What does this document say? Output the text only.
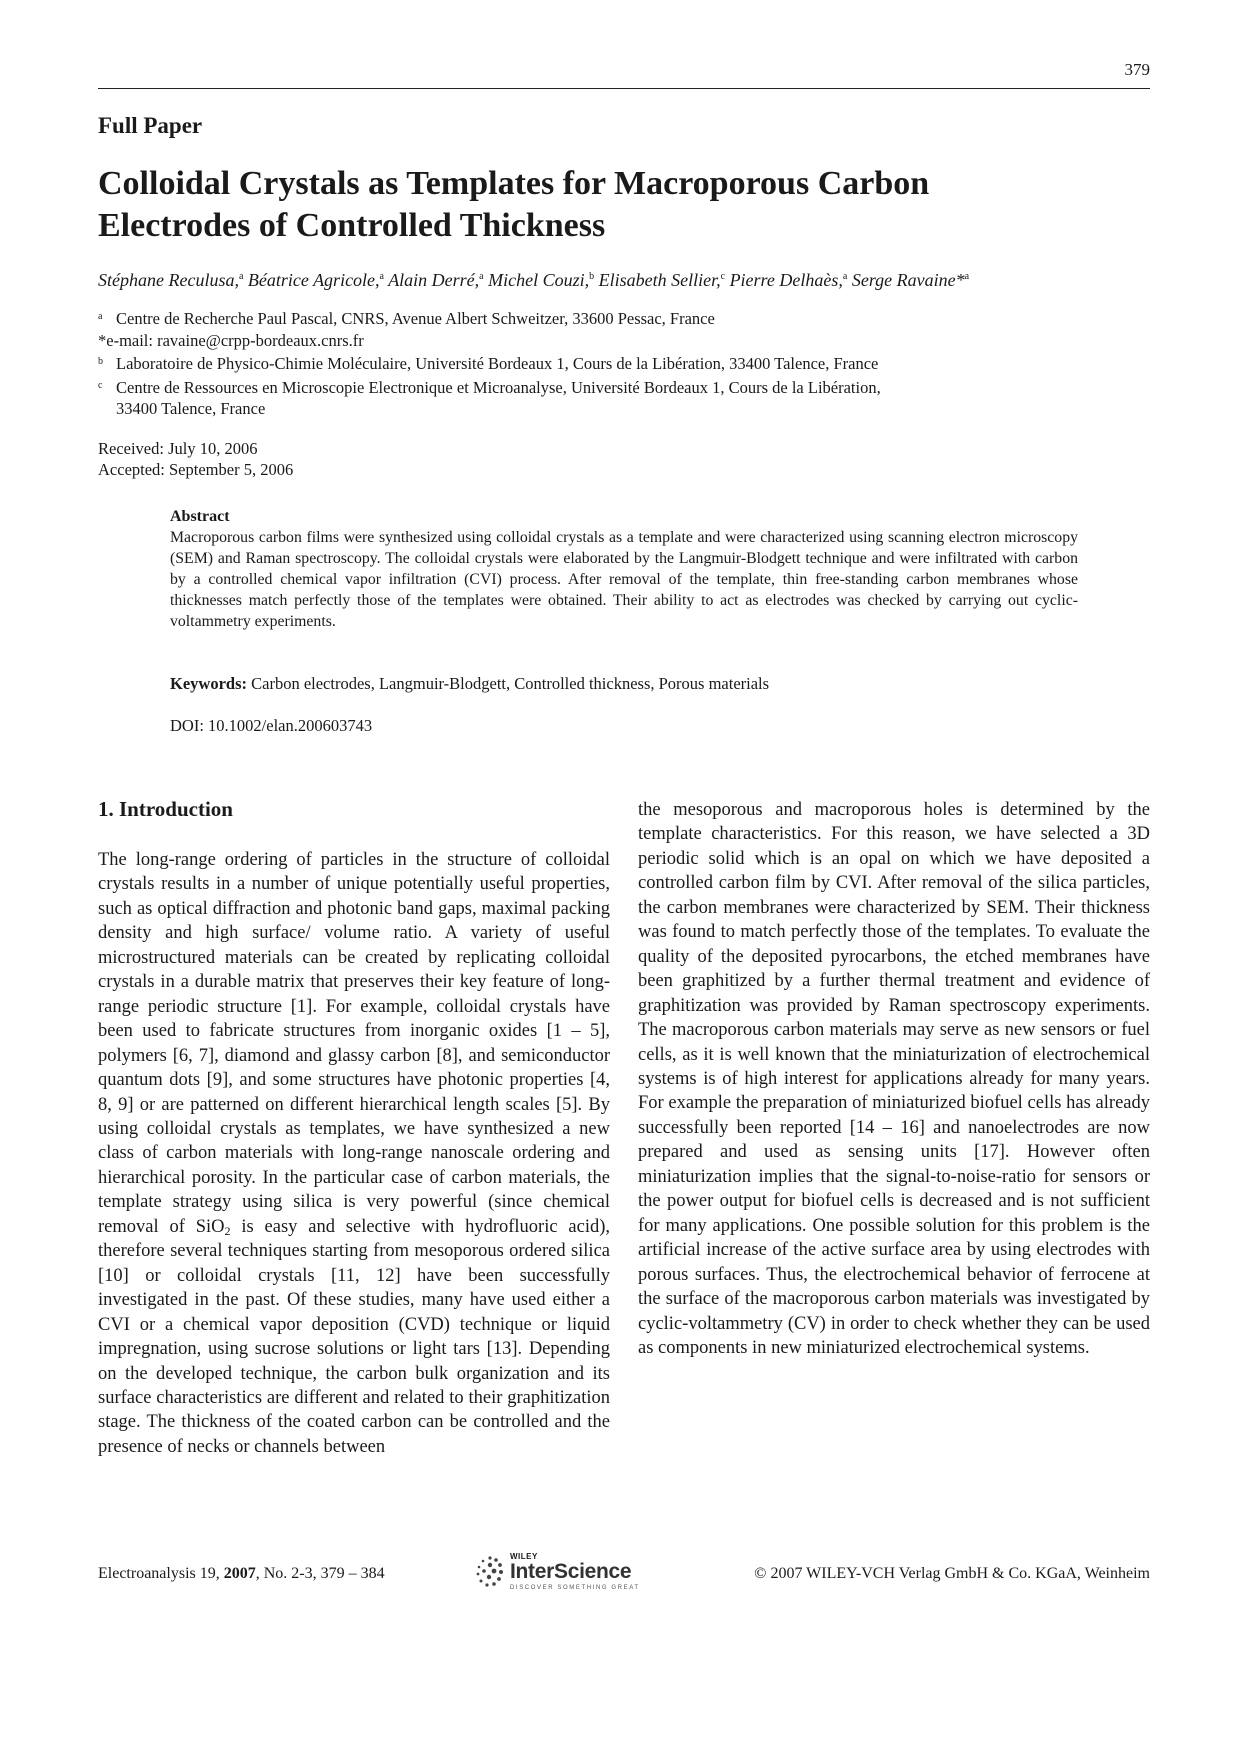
379
Full Paper
Colloidal Crystals as Templates for Macroporous Carbon Electrodes of Controlled Thickness
Stéphane Reculusa,$^a$ Béatrice Agricole,$^a$ Alain Derré,$^a$ Michel Couzi,$^b$ Elisabeth Sellier,$^c$ Pierre Delhaès,$^a$ Serge Ravaine*$^a$
a Centre de Recherche Paul Pascal, CNRS, Avenue Albert Schweitzer, 33600 Pessac, France
*e-mail: ravaine@crpp-bordeaux.cnrs.fr
b Laboratoire de Physico-Chimie Moléculaire, Université Bordeaux 1, Cours de la Libération, 33400 Talence, France
c Centre de Ressources en Microscopie Electronique et Microanalyse, Université Bordeaux 1, Cours de la Libération,
33400 Talence, France
Received: July 10, 2006
Accepted: September 5, 2006
Abstract

Macroporous carbon films were synthesized using colloidal crystals as a template and were characterized using scanning electron microscopy (SEM) and Raman spectroscopy. The colloidal crystals were elaborated by the Langmuir-Blodgett technique and were infiltrated with carbon by a controlled chemical vapor infiltration (CVI) process. After removal of the template, thin free-standing carbon membranes whose thicknesses match perfectly those of the templates were obtained. Their ability to act as electrodes was checked by carrying out cyclic-voltammetry experiments.

Keywords: Carbon electrodes, Langmuir-Blodgett, Controlled thickness, Porous materials
DOI: 10.1002/elan.200603743
1. Introduction

The long-range ordering of particles in the structure of colloidal crystals results in a number of unique potentially useful properties, such as optical diffraction and photonic band gaps, maximal packing density and high surface/ volume ratio. A variety of useful microstructured materials can be created by replicating colloidal crystals in a durable matrix that preserves their key feature of long-range periodic structure [1]. For example, colloidal crystals have been used to fabricate structures from inorganic oxides [1 – 5], polymers [6, 7], diamond and glassy carbon [8], and semiconductor quantum dots [9], and some structures have photonic properties [4, 8, 9] or are patterned on different hierarchical length scales [5]. By using colloidal crystals as templates, we have synthesized a new class of carbon materials with long-range nanoscale ordering and hierarchical porosity. In the particular case of carbon materials, the template strategy using silica is very powerful (since chemical removal of SiO$_2$ is easy and selective with hydrofluoric acid), therefore several techniques starting from mesoporous ordered silica [10] or colloidal crystals [11, 12] have been successfully investigated in the past. Of these studies, many have used either a CVI or a chemical vapor deposition (CVD) technique or liquid impregnation, using sucrose solutions or light tars [13]. Depending on the developed technique, the carbon bulk organization and its surface characteristics are different and related to their graphitization stage. The thickness of the coated carbon can be controlled and the presence of necks or channels between

the mesoporous and macroporous holes is determined by the template characteristics. For this reason, we have selected a 3D periodic solid which is an opal on which we have deposited a controlled carbon film by CVI. After removal of the silica particles, the carbon membranes were characterized by SEM. Their thickness was found to match perfectly those of the templates. To evaluate the quality of the deposited pyrocarbons, the etched membranes have been graphitized by a further thermal treatment and evidence of graphitization was provided by Raman spectroscopy experiments. The macroporous carbon materials may serve as new sensors or fuel cells, as it is well known that the miniaturization of electrochemical systems is of high interest for applications already for many years. For example the preparation of miniaturized biofuel cells has already successfully been reported [14 – 16] and nanoelectrodes are now prepared and used as sensing units [17]. However often miniaturization implies that the signal-to-noise-ratio for sensors or the power output for biofuel cells is decreased and is not sufficient for many applications. One possible solution for this problem is the artificial increase of the active surface area by using electrodes with porous surfaces. Thus, the electrochemical behavior of ferrocene at the surface of the macroporous carbon materials was investigated by cyclic-voltammetry (CV) in order to check whether they can be used as components in new miniaturized electrochemical systems.

Electroanalysis 19, 2007, No. 2-3, 379 – 384
WILEY
InterScience
DISCOVER SOMETHING GREAT
© 2007 WILEY-VCH Verlag GmbH & Co. KGaA, Weinheim
